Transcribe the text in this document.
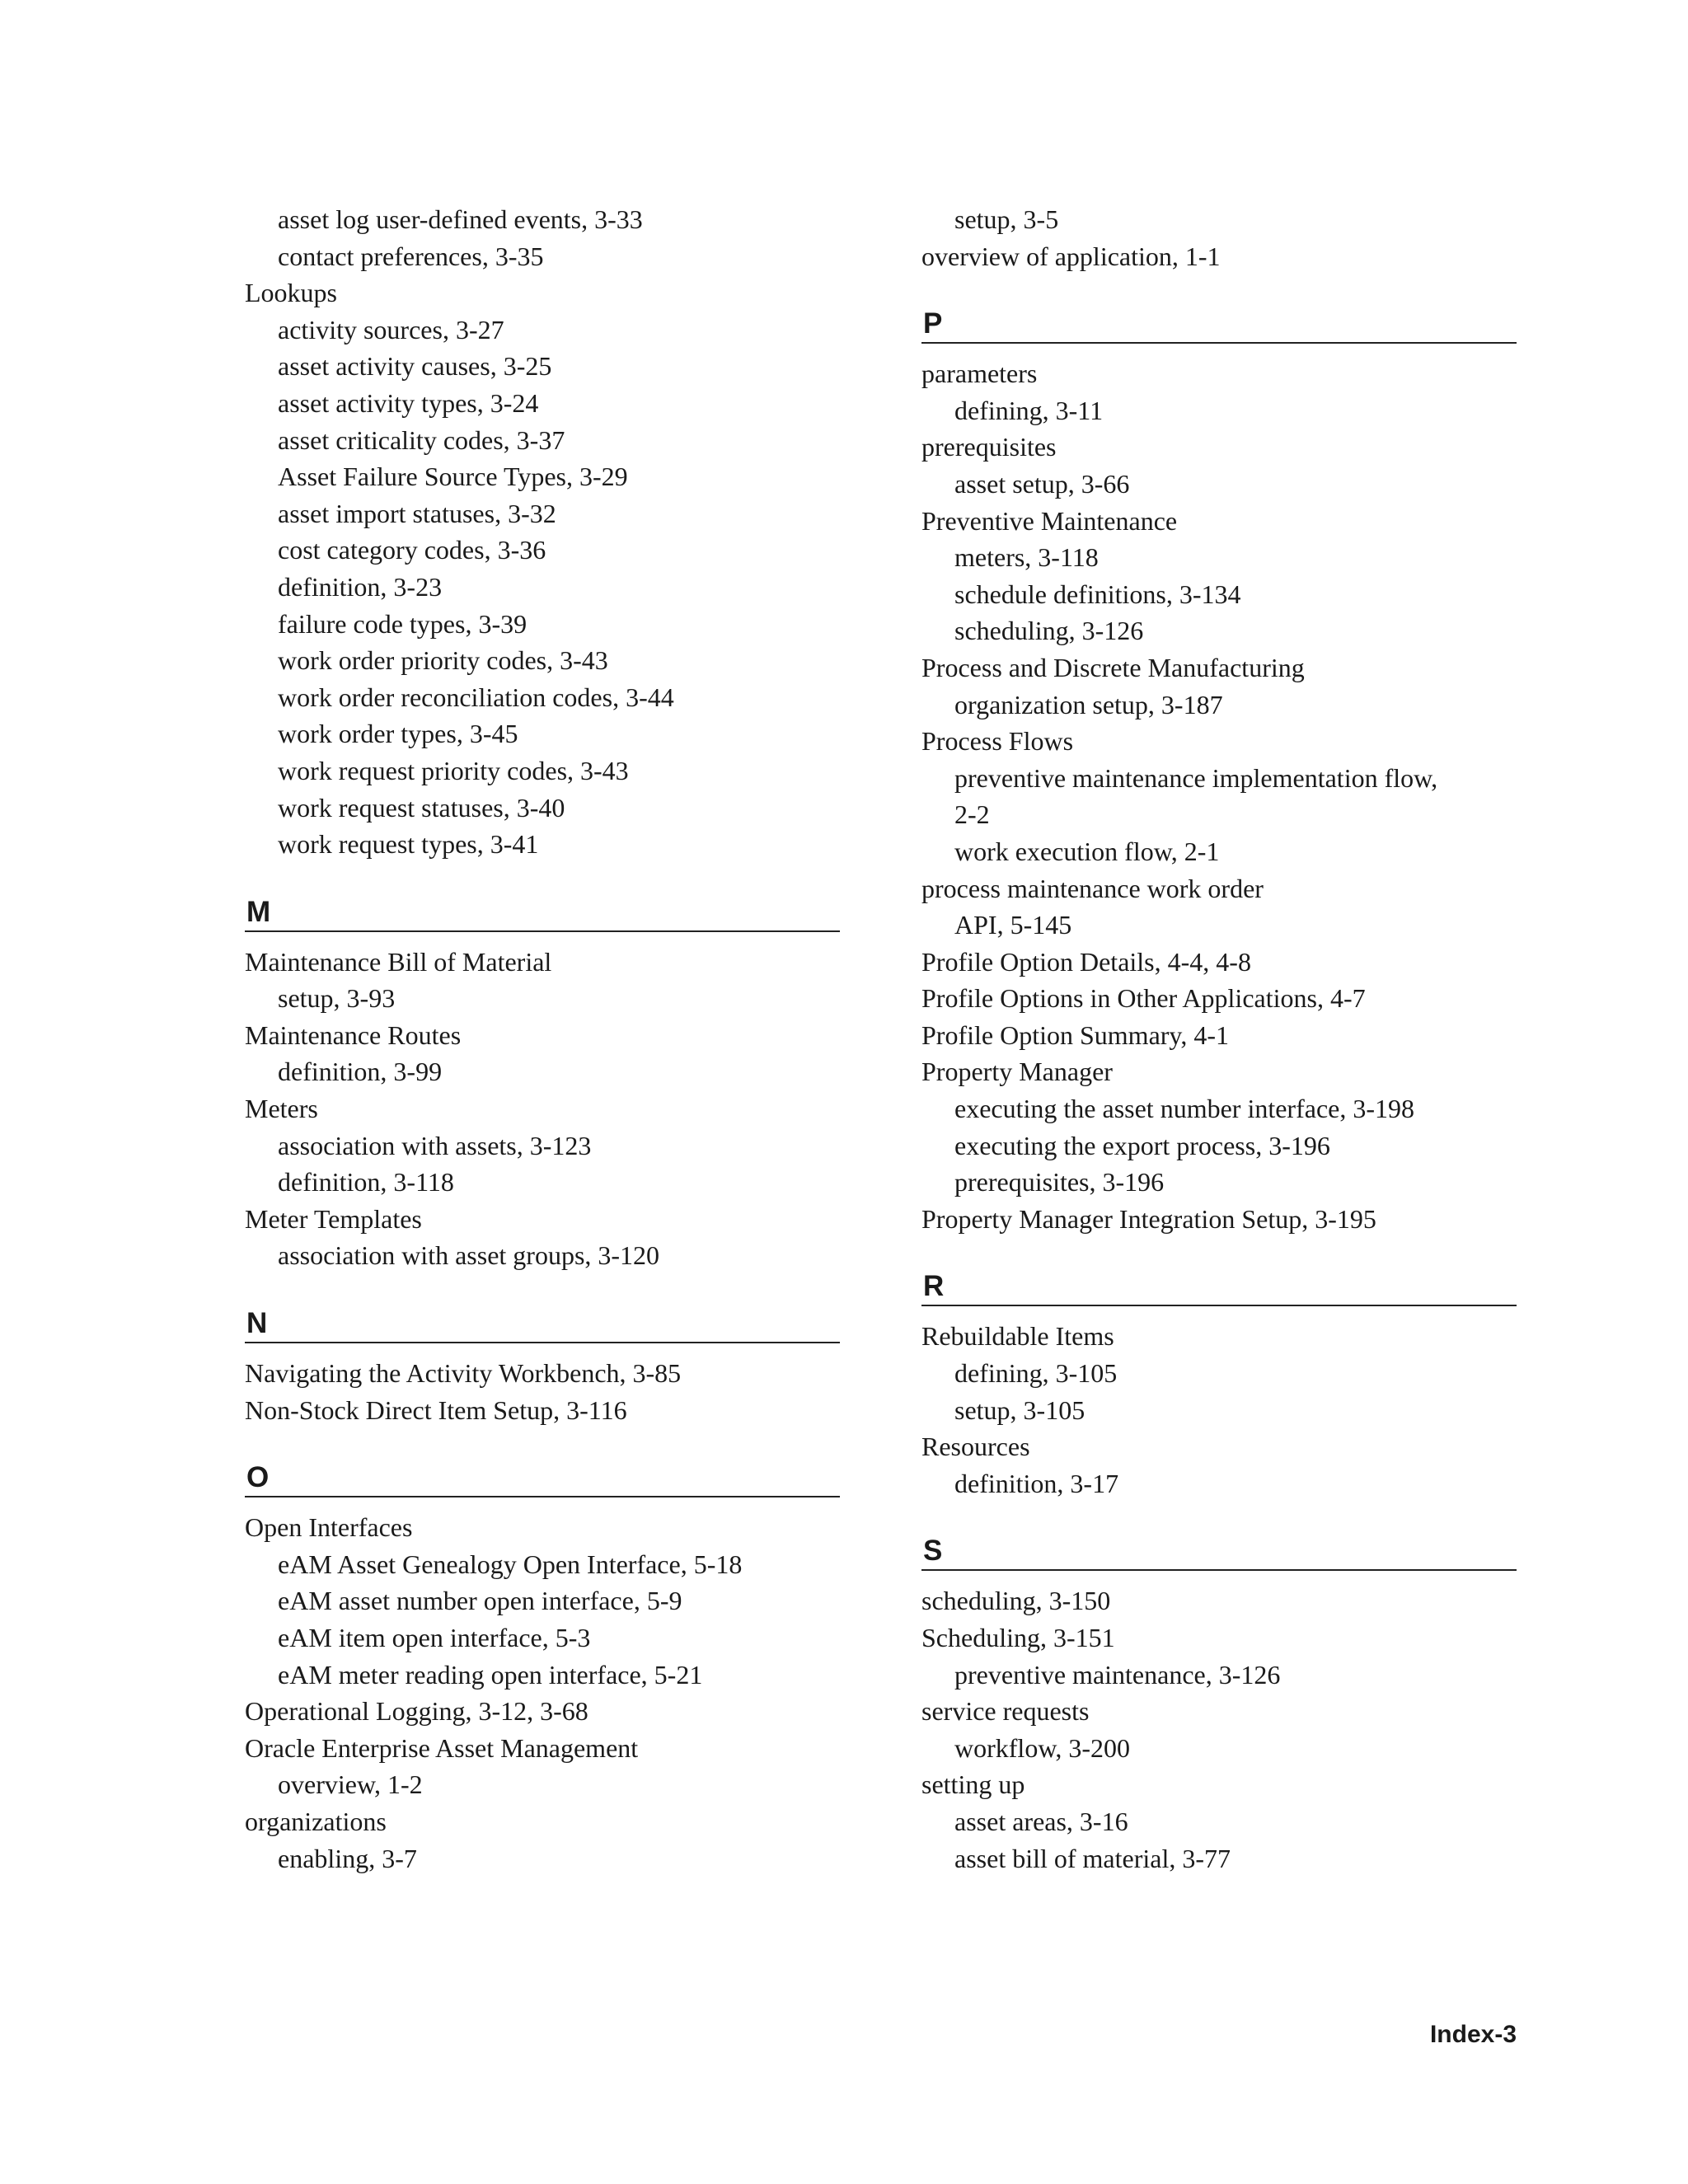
asset log user-defined events, 3-33
contact preferences, 3-35
Lookups
activity sources, 3-27
asset activity causes, 3-25
asset activity types, 3-24
asset criticality codes, 3-37
Asset Failure Source Types, 3-29
asset import statuses, 3-32
cost category codes, 3-36
definition, 3-23
failure code types, 3-39
work order priority codes, 3-43
work order reconciliation codes, 3-44
work order types, 3-45
work request priority codes, 3-43
work request statuses, 3-40
work request types, 3-41
M
Maintenance Bill of Material
setup, 3-93
Maintenance Routes
definition, 3-99
Meters
association with assets, 3-123
definition, 3-118
Meter Templates
association with asset groups, 3-120
N
Navigating the Activity Workbench, 3-85
Non-Stock Direct Item Setup, 3-116
O
Open Interfaces
eAM Asset Genealogy Open Interface, 5-18
eAM asset number open interface, 5-9
eAM item open interface, 5-3
eAM meter reading open interface, 5-21
Operational Logging, 3-12, 3-68
Oracle Enterprise Asset Management
overview, 1-2
organizations
enabling, 3-7
setup, 3-5
overview of application, 1-1
P
parameters
defining, 3-11
prerequisites
asset setup, 3-66
Preventive Maintenance
meters, 3-118
schedule definitions, 3-134
scheduling, 3-126
Process and Discrete Manufacturing
organization setup, 3-187
Process Flows
preventive maintenance implementation flow,
2-2
work execution flow, 2-1
process maintenance work order
API, 5-145
Profile Option Details, 4-4, 4-8
Profile Options in Other Applications, 4-7
Profile Option Summary, 4-1
Property Manager
executing the asset number interface, 3-198
executing the export process, 3-196
prerequisites, 3-196
Property Manager Integration Setup, 3-195
R
Rebuildable Items
defining, 3-105
setup, 3-105
Resources
definition, 3-17
S
scheduling, 3-150
Scheduling, 3-151
preventive maintenance, 3-126
service requests
workflow, 3-200
setting up
asset areas, 3-16
asset bill of material, 3-77
Index-3
